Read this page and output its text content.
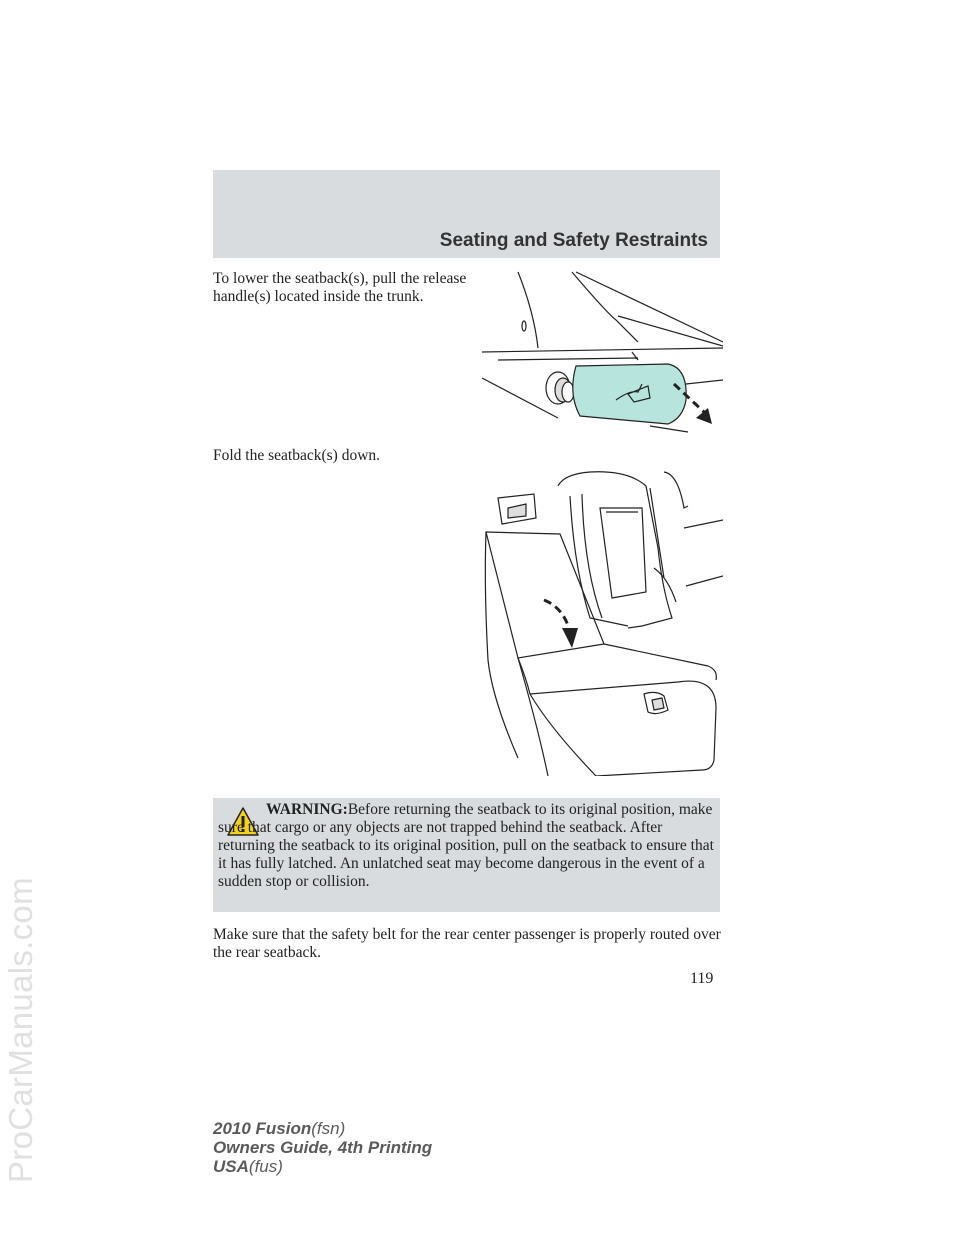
Seating and Safety Restraints
To lower the seatback(s), pull the release handle(s) located inside the trunk.
Fold the seatback(s) down.
WARNING:Before returning the seatback to its original position, make sure that cargo or any objects are not trapped behind the seatback. After returning the seatback to its original position, pull on the seatback to ensure that it has fully latched. An unlatched seat may become dangerous in the event of a sudden stop or collision.
Make sure that the safety belt for the rear center passenger is properly routed over the rear seatback.
119
2010 Fusion(fsn)
Owners Guide, 4th Printing
USA(fus)
ProCarManuals.com
